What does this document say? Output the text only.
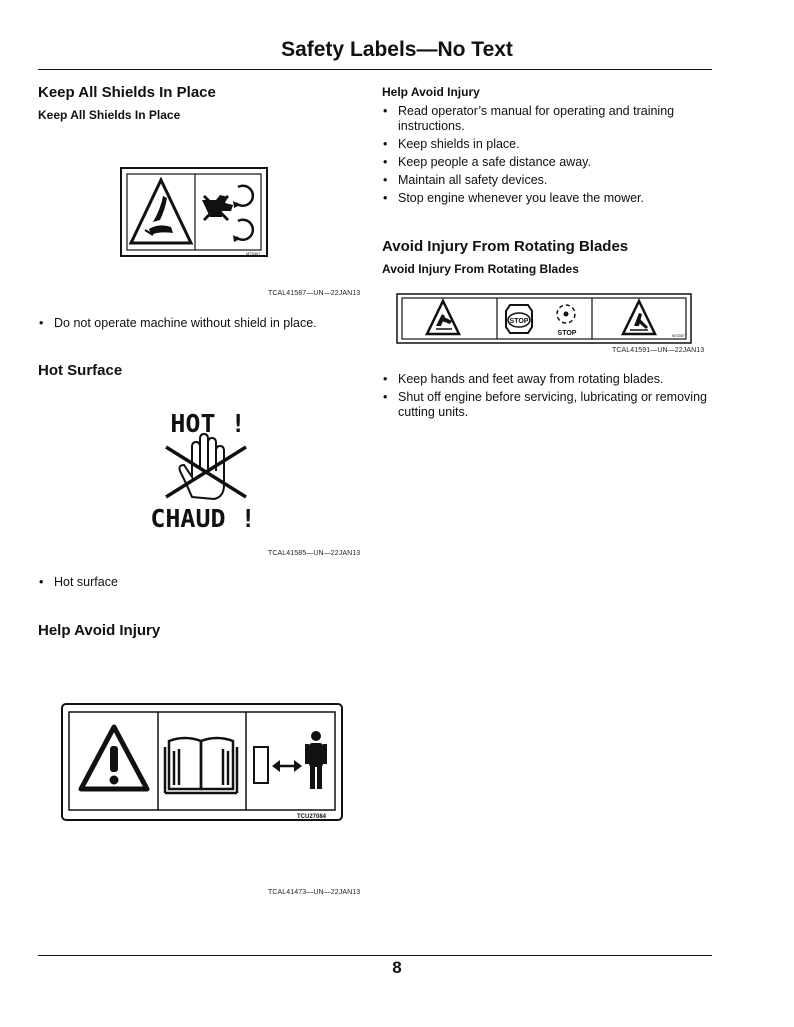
Safety Labels—No Text
Keep All Shields In Place
Keep All Shields In Place
M73357
TCAL41587—UN—22JAN13
• Do not operate machine without shield in place.
Hot Surface
HOT !
CHAUD !
TCAL41585—UN—22JAN13
• Hot surface
Help Avoid Injury
TCU27084
TCAL41473—UN—22JAN13
Help Avoid Injury
• Read operator’s manual for operating and training instructions.
• Keep shields in place.
• Keep people a safe distance away.
• Maintain all safety devices.
• Stop engine whenever you leave the mower.
Avoid Injury From Rotating Blades
Avoid Injury From Rotating Blades
STOP
STOP	M73357
TCAL41591—UN—22JAN13
• Keep hands and feet away from rotating blades.
• Shut off engine before servicing, lubricating or removing cutting units.
8
